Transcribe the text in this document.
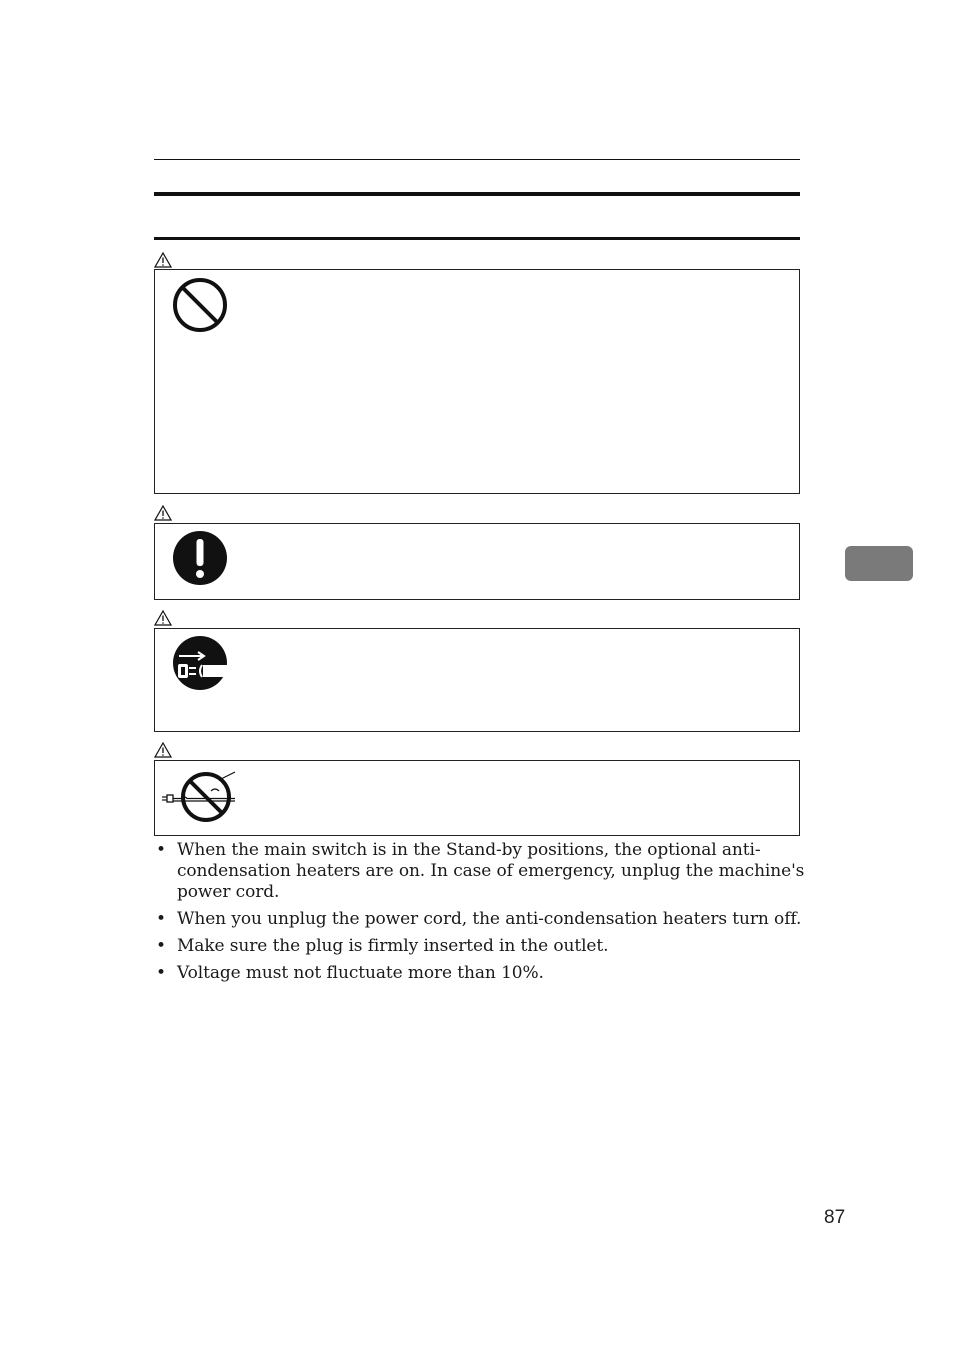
• When the main switch is in the Stand-by positions, the optional anti-condensation heaters are on. In case of emergency, unplug the machine's power cord.
• When you unplug the power cord, the anti-condensation heaters turn off.
• Make sure the plug is firmly inserted in the outlet.
• Voltage must not fluctuate more than 10%.
87
